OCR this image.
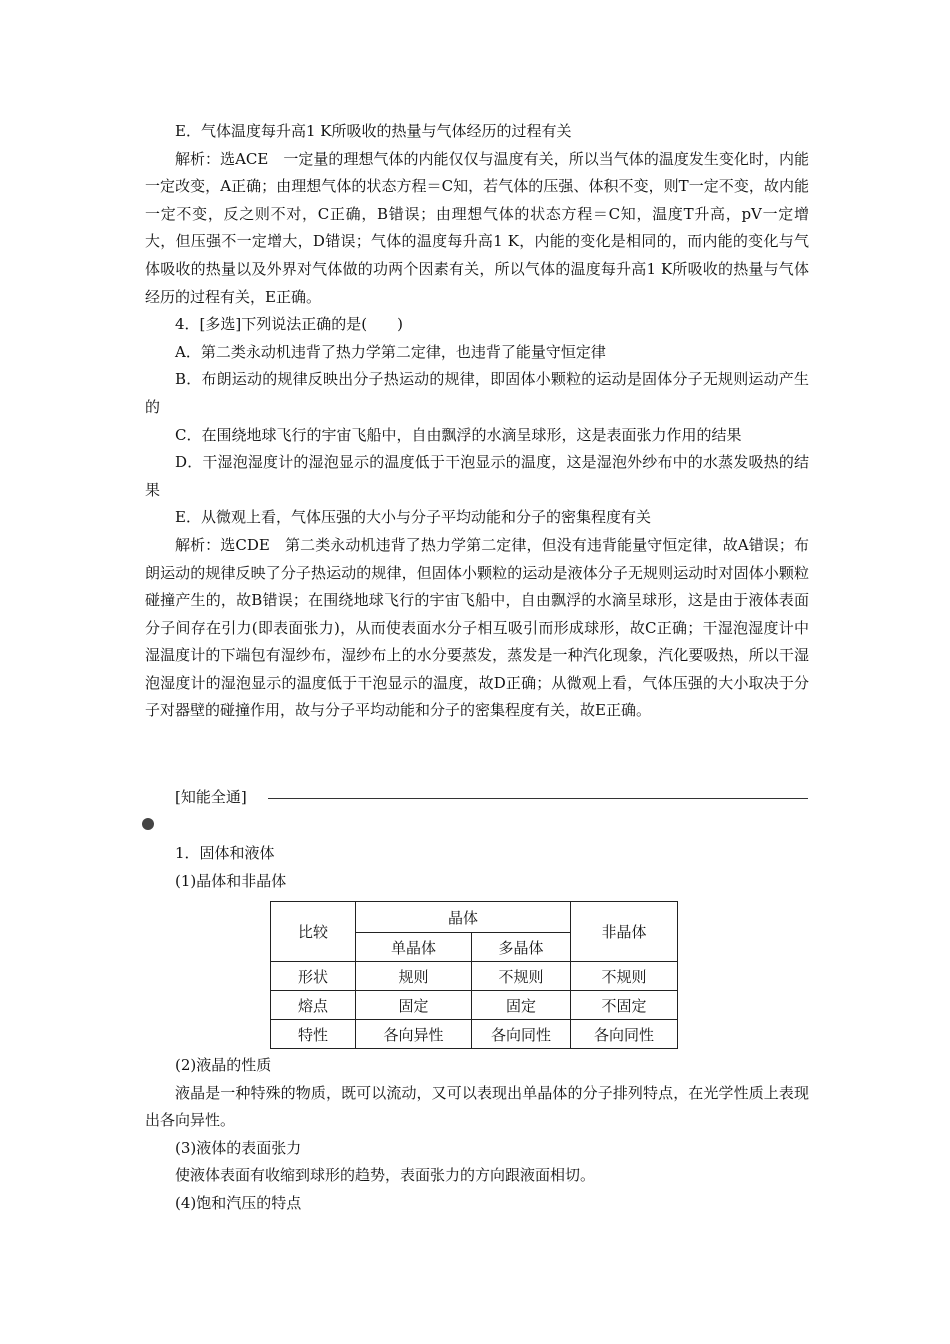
E．气体温度每升高1 K所吸收的热量与气体经历的过程有关

解析：选ACE　一定量的理想气体的内能仅仅与温度有关，所以当气体的温度发生变化时，内能一定改变，A正确；由理想气体的状态方程＝C知，若气体的压强、体积不变，则T一定不变，故内能一定不变，反之则不对，C正确，B错误；由理想气体的状态方程＝C知，温度T升高，pV一定增大，但压强不一定增大，D错误；气体的温度每升高1 K，内能的变化是相同的，而内能的变化与气体吸收的热量以及外界对气体做的功两个因素有关，所以气体的温度每升高1 K所吸收的热量与气体经历的过程有关，E正确。

4．[多选]下列说法正确的是(　　)

A．第二类永动机违背了热力学第二定律，也违背了能量守恒定律

B．布朗运动的规律反映出分子热运动的规律，即固体小颗粒的运动是固体分子无规则运动产生的

C．在围绕地球飞行的宇宙飞船中，自由飘浮的水滴呈球形，这是表面张力作用的结果

D．干湿泡湿度计的湿泡显示的温度低于干泡显示的温度，这是湿泡外纱布中的水蒸发吸热的结果

E．从微观上看，气体压强的大小与分子平均动能和分子的密集程度有关

解析：选CDE　第二类永动机违背了热力学第二定律，但没有违背能量守恒定律，故A错误；布朗运动的规律反映了分子热运动的规律，但固体小颗粒的运动是液体分子无规则运动时对固体小颗粒碰撞产生的，故B错误；在围绕地球飞行的宇宙飞船中，自由飘浮的水滴呈球形，这是由于液体表面分子间存在引力(即表面张力)，从而使表面水分子相互吸引而形成球形，故C正确；干湿泡湿度计中湿温度计的下端包有湿纱布，湿纱布上的水分要蒸发，蒸发是一种汽化现象，汽化要吸热，所以干湿泡湿度计的湿泡显示的温度低于干泡显示的温度，故D正确；从微观上看，气体压强的大小取决于分子对器壁的碰撞作用，故与分子平均动能和分子的密集程度有关，故E正确。

[知能全通]

1．固体和液体

(1)晶体和非晶体

比较	晶体		非晶体
	单晶体	多晶体	
形状	规则	不规则	不规则
熔点	固定	固定	不固定
特性	各向异性	各向同性	各向同性

(2)液晶的性质

液晶是一种特殊的物质，既可以流动，又可以表现出单晶体的分子排列特点，在光学性质上表现出各向异性。

(3)液体的表面张力

使液体表面有收缩到球形的趋势，表面张力的方向跟液面相切。

(4)饱和汽压的特点
